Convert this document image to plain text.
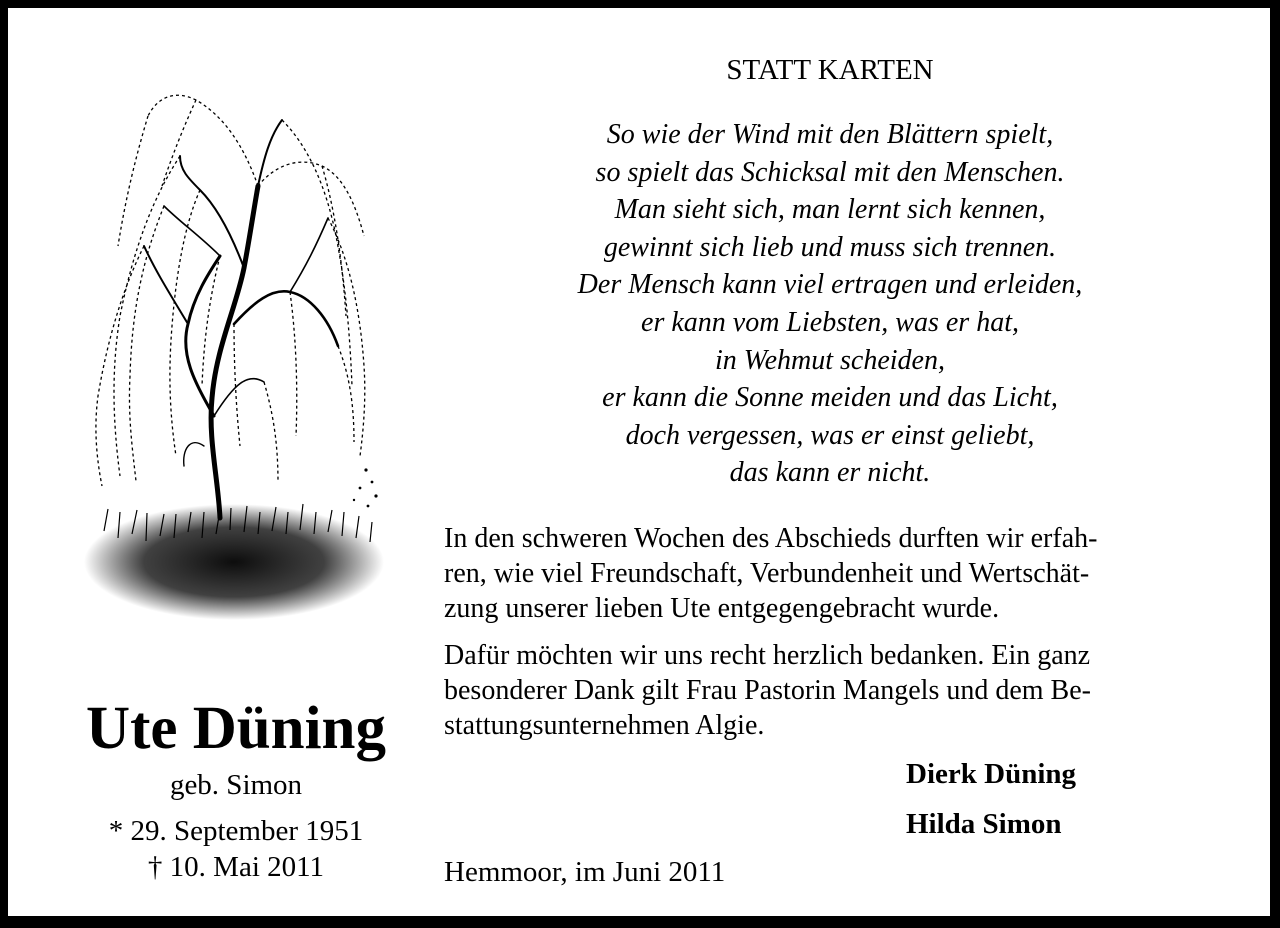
Ute Düning
geb. Simon
* 29. September 1951
† 10. Mai 2011
STATT KARTEN
So wie der Wind mit den Blättern spielt,
so spielt das Schicksal mit den Menschen.
Man sieht sich, man lernt sich kennen,
gewinnt sich lieb und muss sich trennen.
Der Mensch kann viel ertragen und erleiden,
er kann vom Liebsten, was er hat,
in Wehmut scheiden,
er kann die Sonne meiden und das Licht,
doch vergessen, was er einst geliebt,
das kann er nicht.
In den schweren Wochen des Abschieds durften wir erfah-
ren, wie viel Freundschaft, Verbundenheit und Wertschät-
zung unserer lieben Ute entgegengebracht wurde.
Dafür möchten wir uns recht herzlich bedanken. Ein ganz
besonderer Dank gilt Frau Pastorin Mangels und dem Be-
stattungsunternehmen Algie.
Dierk Düning
Hilda Simon
Hemmoor, im Juni 2011
